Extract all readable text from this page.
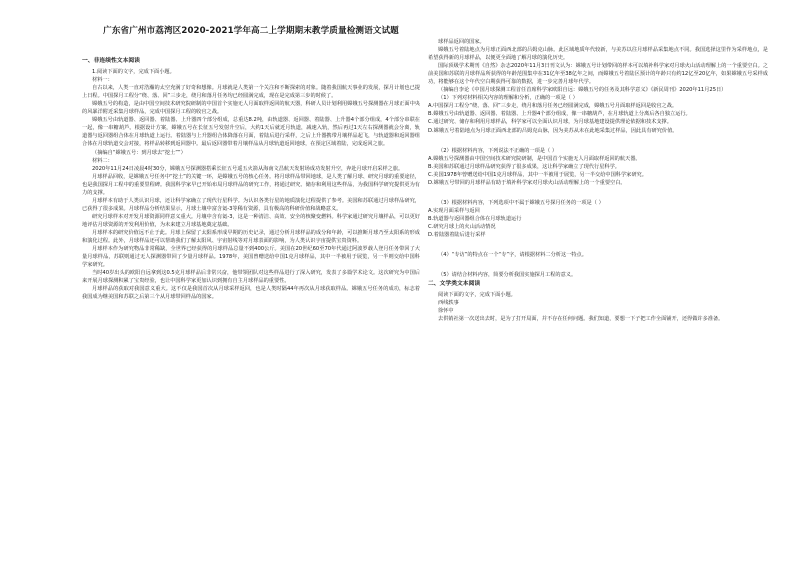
广东省广州市荔湾区2020-2021学年高二上学期期末教学质量检测语文试题
一、非连续性文本阅读
1.阅读下面的文字，完成下面小题。
材料一：
自古以来，人类一直对浩瀚的太空充满了好奇和想像。月球就是人类第一个关注和不断探索的对象。随着我国航天事业的发展，探月计划也已提上日程。中国探月工程分“绕、落、回”三步走，绕月和落月任务均已经圆满完成，现在是完成第三步的时候了。
嫦娥五号的构造，是由中国空间技术研究院研制的中国首个实施无人月面取样返回的航天器，科研人员计划利用嫦娥五号探测器在月球正面中央的风暴洋附近采集月球样品，完成中国探月工程的收官之战。
嫦娥五号由轨道器、返回器、着陆器、上升器四个部分组成，总重达8.2吨，由轨道器、返回器、着陆器、上升器4个部分组成，4个部分串联在一起，像一串糖葫芦。根据设计方案，嫦娥五号在长征五号发射升空后，大约1天后就近月轨道，减速入轨，然后再过1天左右探测器就会分离，轨道器与返回器组合体在月球轨道上运行。着陆器与上升器组合体降落在月面，着陆后进行采样，之后上升器携带月壤样品起飞，与轨道器和返回器组合体在月球轨道交会对接，将样品转移到返回器中。最后返回器带着月壤样品从月球轨道返回地球，在预定区域着陆，完成返回之旅。
（摘编自“嫦娥五号：到月球去“挖土””）
材料二：
2020年11月24日凌晨4时30分，嫦娥五号探测器搭乘长征五号遥五火箭从海南文昌航天发射场成功发射升空，奔赴月球开启采样之旅。
月球样品回收，是嫦娥五号任务中“挖土”的关键一环，是嫦娥五号的核心任务。将月球样品带回地球，是人类了解月球、研究月球的重要途径，也是我国探月工程中的重要里程碑。我国科学家早已开始布局月球样品的研究工作，将通过研究、储存和利用这些样品，为我国科学研究提供更为有力的支撑。
月球样本有助于人类认识月球，还让科学家确立了现代行星科学。为认识各类行星的地质演化过程提供了参考。美国和苏联通过月球样品研究，已获得了很多成果。月球样品分析结果显示，月球土壤中富含氦-3等稀有资源，具有极高的科研价值和战略意义。
研究月球样本对开发月球资源同样意义重大。月壤中含有氦-3，这是一种清洁、高效、安全的核聚变燃料。科学家通过研究月壤样品，可以更好地评估月球资源的开发利用价值，为未来建立月球基地奠定基础。
月球样本的研究价值远不止于此。月球上保留了太阳系形成早期的历史记录，通过分析月球样品的成分和年龄，可以推断月球乃至太阳系的形成和演化过程。此外，月球样品还可以帮助我们了解太阳风、宇宙射线等对月球表面的影响，为人类认识宇宙提供宝贵资料。
月球样本作为研究物品非常稀缺，全世界已经获得的月球样品总量不到400公斤。美国在20世纪60至70年代通过阿波罗载人登月任务带回了大量月球样品，苏联则通过无人探测器带回了少量月球样品。1978年，美国曾赠送给中国1克月球样品，其中一半被用于展览，另一半则交给中国科学家研究。
当时40岁出头的欧阳自远拿到这0.5克月球样品后非常兴奋，他带领团队对这些样品进行了深入研究，发表了多篇学术论文。这次研究为中国后来开展月球探测积累了宝贵经验，也让中国科学家更加认识到拥有自主月球样品的重要性。
月球样品的获取对我国意义重大。这不仅是我国首次从月球采样返回，也是人类时隔44年再次从月球获取样品。嫦娥五号任务的成功，标志着我国成为继美国和苏联之后第三个从月球带回样品的国家。
球样品返回的国家。
嫦娥五号着陆地点为月球正面西北部的吕姆克山脉。此区域地质年代较新，与美苏以往月球样品采集地点不同。我国选择这里作为采样地点，是希望获得新的月球样品，以便更全面地了解月球的演化历史。
国际顶级学术期刊《自然》杂志2020年11月3日刊文认为：嫦娥五号计划带回的样本可以填补科学家对月球火山活动理解上的一个重要空白。之前美国和苏联的月球样品所获得的年龄范围集中在31亿年至38亿年之间，而嫦娥五号着陆区预计的年龄只有约12亿至20亿年，如果嫦娥五号采样成功，将能够在这个年代空白期获得可靠的数据，进一步完善月球年代学。
（摘编自李论《中国月球探测工程首任首席科学家欧阳自远：嫦娥五号的任务及其科学意义》《新民周刊》2020年11月25日）
（1）下列对材料相关内容的理解和分析，正确的一项是（ ）
A.中国探月工程分“绕、落、回”三步走，绕月和落月任务已经圆满完成，嫦娥五号月面取样返回是收官之战。
B.嫦娥五号由轨道器、返回器、着陆器、上升器4个部分组成，像一串糖葫芦，在月球轨道上分离后各自独立运行。
C.通过研究、储存和利用月球样品，科学家可以全面认识月球，为月球基地建设提供理论依据和技术支撑。
D.嫦娥五号着陆地点为月球正面西北部的吕姆克山脉，因为美苏从未在此地采集过样品，因此具有研究价值。
（2）根据材料内容，下列说法不正确的一项是（ ）
A.嫦娥五号探测器由中国空间技术研究院研制，是中国首个实施无人月面取样返回的航天器。
B.美国和苏联通过月球样品研究获得了很多成果，这让科学家确立了现代行星科学。
C.美国1978年曾赠送给中国1克月球样品，其中一半被用于展览，另一半交给中国科学家研究。
D.嫦娥五号带回的月球样品有助于填补科学家对月球火山活动理解上的一个重要空白。
（3）根据材料内容，下列选项中不属于嫦娥五号探月任务的一项是（ ）
A.实现月面采样与返回
B.轨道器与返回器组合体在月球轨道运行
C.研究月球上的火山活动情况
D.着陆器着陆后进行采样
（4）“专访”的特点在一个“专”字，请根据材料二分析这一特点。
（5）请结合材料内容，简要分析我国实施探月工程的意义。
二、文学类文本阅读
阅读下面的文字，完成下面小题。
西线轶事
徐怀中
去供销社第一次送出去时，是为了打开局面，并不存在任何问题。我们知道，要想一下子把工作全面铺开，还得做许多准备。
